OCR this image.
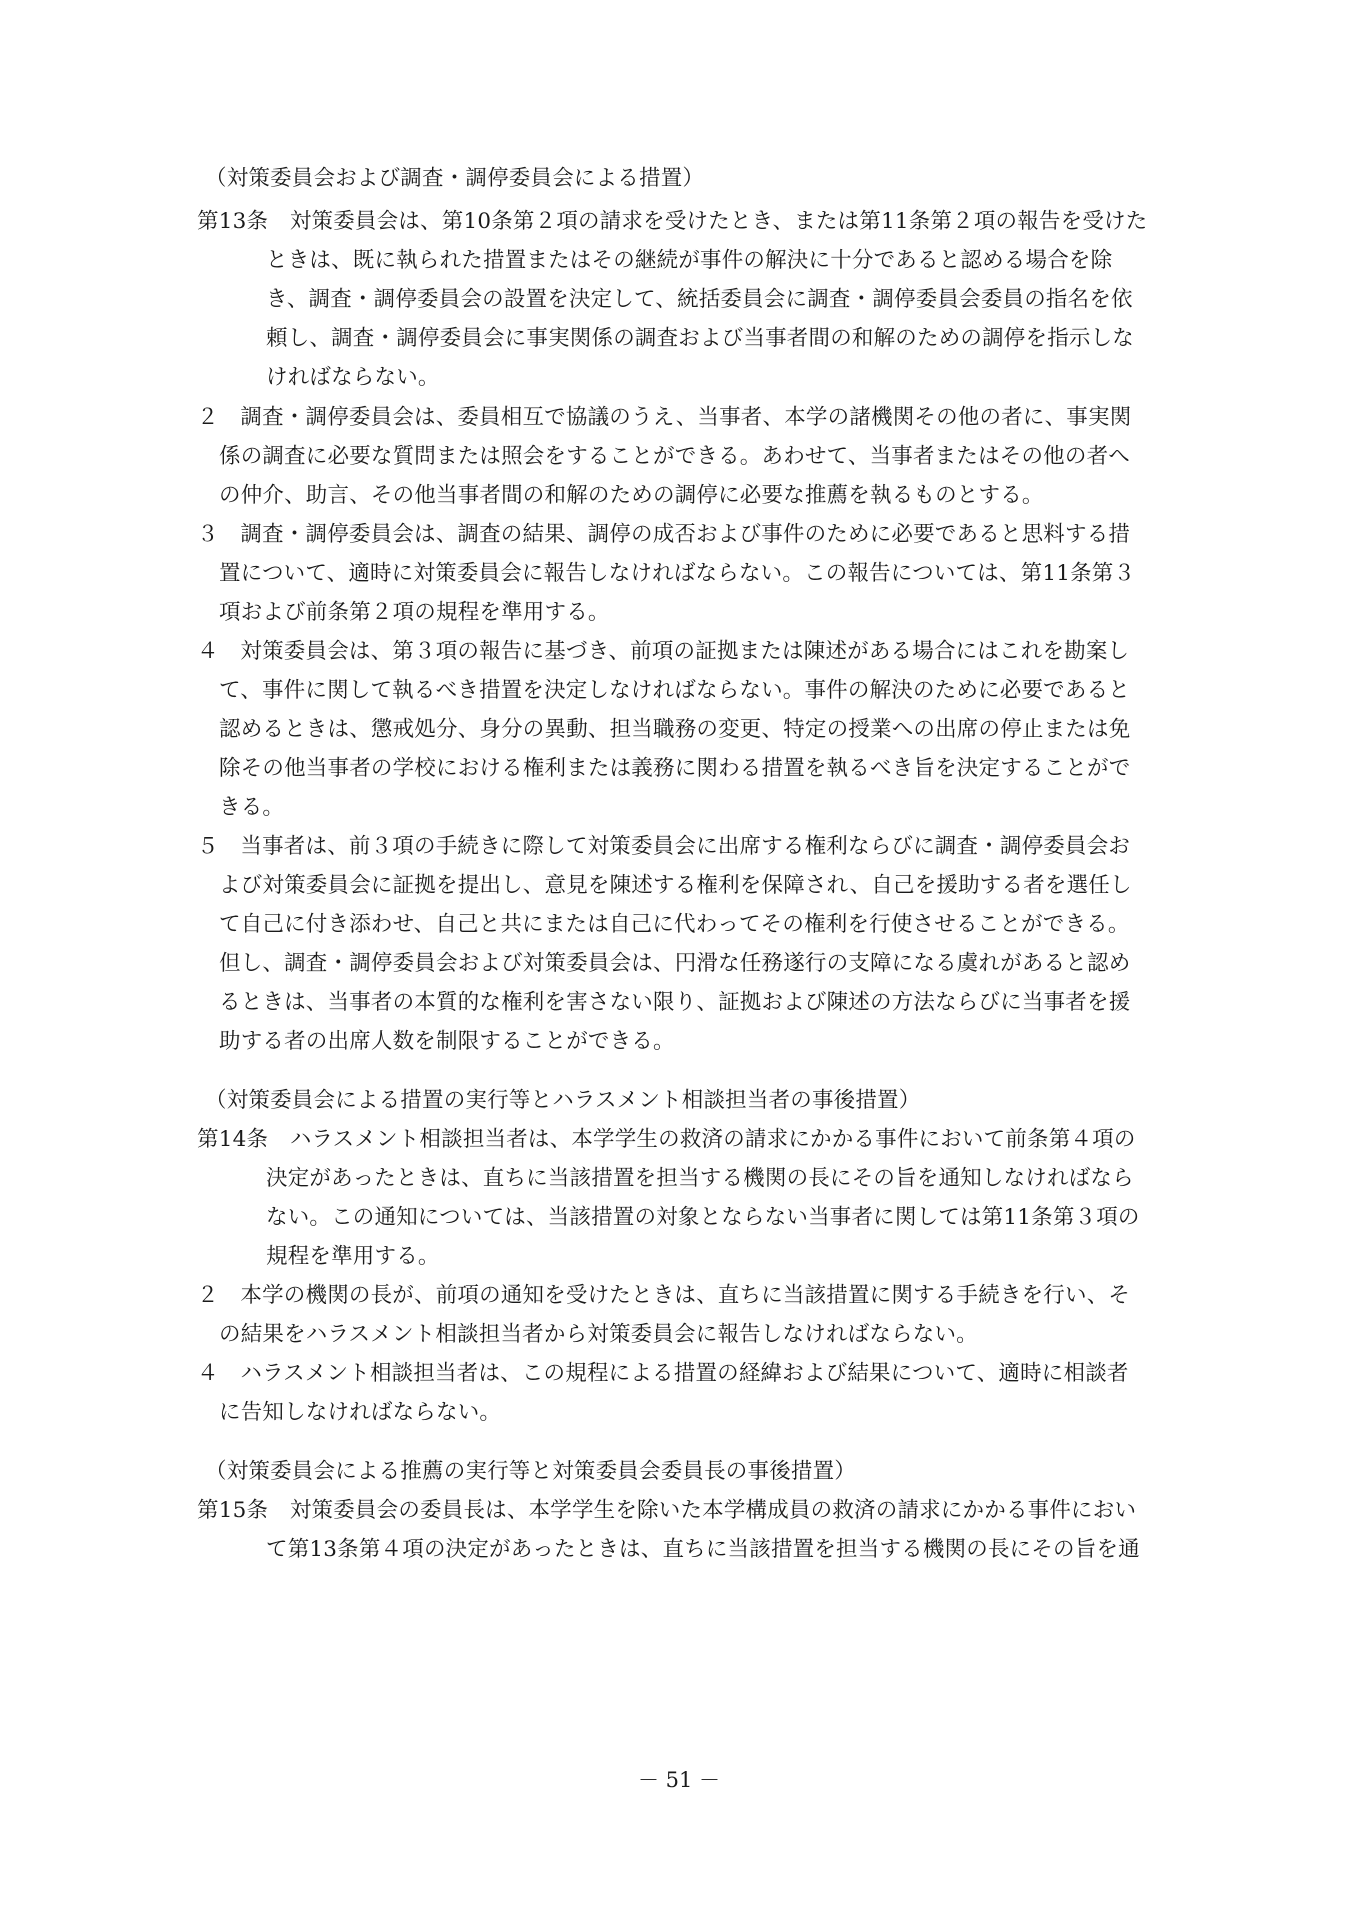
（対策委員会および調査・調停委員会による措置）
第13条　対策委員会は、第10条第２項の請求を受けたとき、または第11条第２項の報告を受けた
ときは、既に執られた措置またはその継続が事件の解決に十分であると認める場合を除
き、調査・調停委員会の設置を決定して、統括委員会に調査・調停委員会委員の指名を依
頼し、調査・調停委員会に事実関係の調査および当事者間の和解のための調停を指示しな
ければならない。
２　調査・調停委員会は、委員相互で協議のうえ、当事者、本学の諸機関その他の者に、事実関
係の調査に必要な質問または照会をすることができる。あわせて、当事者またはその他の者へ
の仲介、助言、その他当事者間の和解のための調停に必要な推薦を執るものとする。
３　調査・調停委員会は、調査の結果、調停の成否および事件のために必要であると思料する措
置について、適時に対策委員会に報告しなければならない。この報告については、第11条第３
項および前条第２項の規程を準用する。
４　対策委員会は、第３項の報告に基づき、前項の証拠または陳述がある場合にはこれを勘案し
て、事件に関して執るべき措置を決定しなければならない。事件の解決のために必要であると
認めるときは、懲戒処分、身分の異動、担当職務の変更、特定の授業への出席の停止または免
除その他当事者の学校における権利または義務に関わる措置を執るべき旨を決定することがで
きる。
５　当事者は、前３項の手続きに際して対策委員会に出席する権利ならびに調査・調停委員会お
よび対策委員会に証拠を提出し、意見を陳述する権利を保障され、自己を援助する者を選任し
て自己に付き添わせ、自己と共にまたは自己に代わってその権利を行使させることができる。
但し、調査・調停委員会および対策委員会は、円滑な任務遂行の支障になる虞れがあると認め
るときは、当事者の本質的な権利を害さない限り、証拠および陳述の方法ならびに当事者を援
助する者の出席人数を制限することができる。
（対策委員会による措置の実行等とハラスメント相談担当者の事後措置）
第14条　ハラスメント相談担当者は、本学学生の救済の請求にかかる事件において前条第４項の
決定があったときは、直ちに当該措置を担当する機関の長にその旨を通知しなければなら
ない。この通知については、当該措置の対象とならない当事者に関しては第11条第３項の
規程を準用する。
２　本学の機関の長が、前項の通知を受けたときは、直ちに当該措置に関する手続きを行い、そ
の結果をハラスメント相談担当者から対策委員会に報告しなければならない。
４　ハラスメント相談担当者は、この規程による措置の経緯および結果について、適時に相談者
に告知しなければならない。
（対策委員会による推薦の実行等と対策委員会委員長の事後措置）
第15条　対策委員会の委員長は、本学学生を除いた本学構成員の救済の請求にかかる事件におい
て第13条第４項の決定があったときは、直ちに当該措置を担当する機関の長にその旨を通
－ 51 －
